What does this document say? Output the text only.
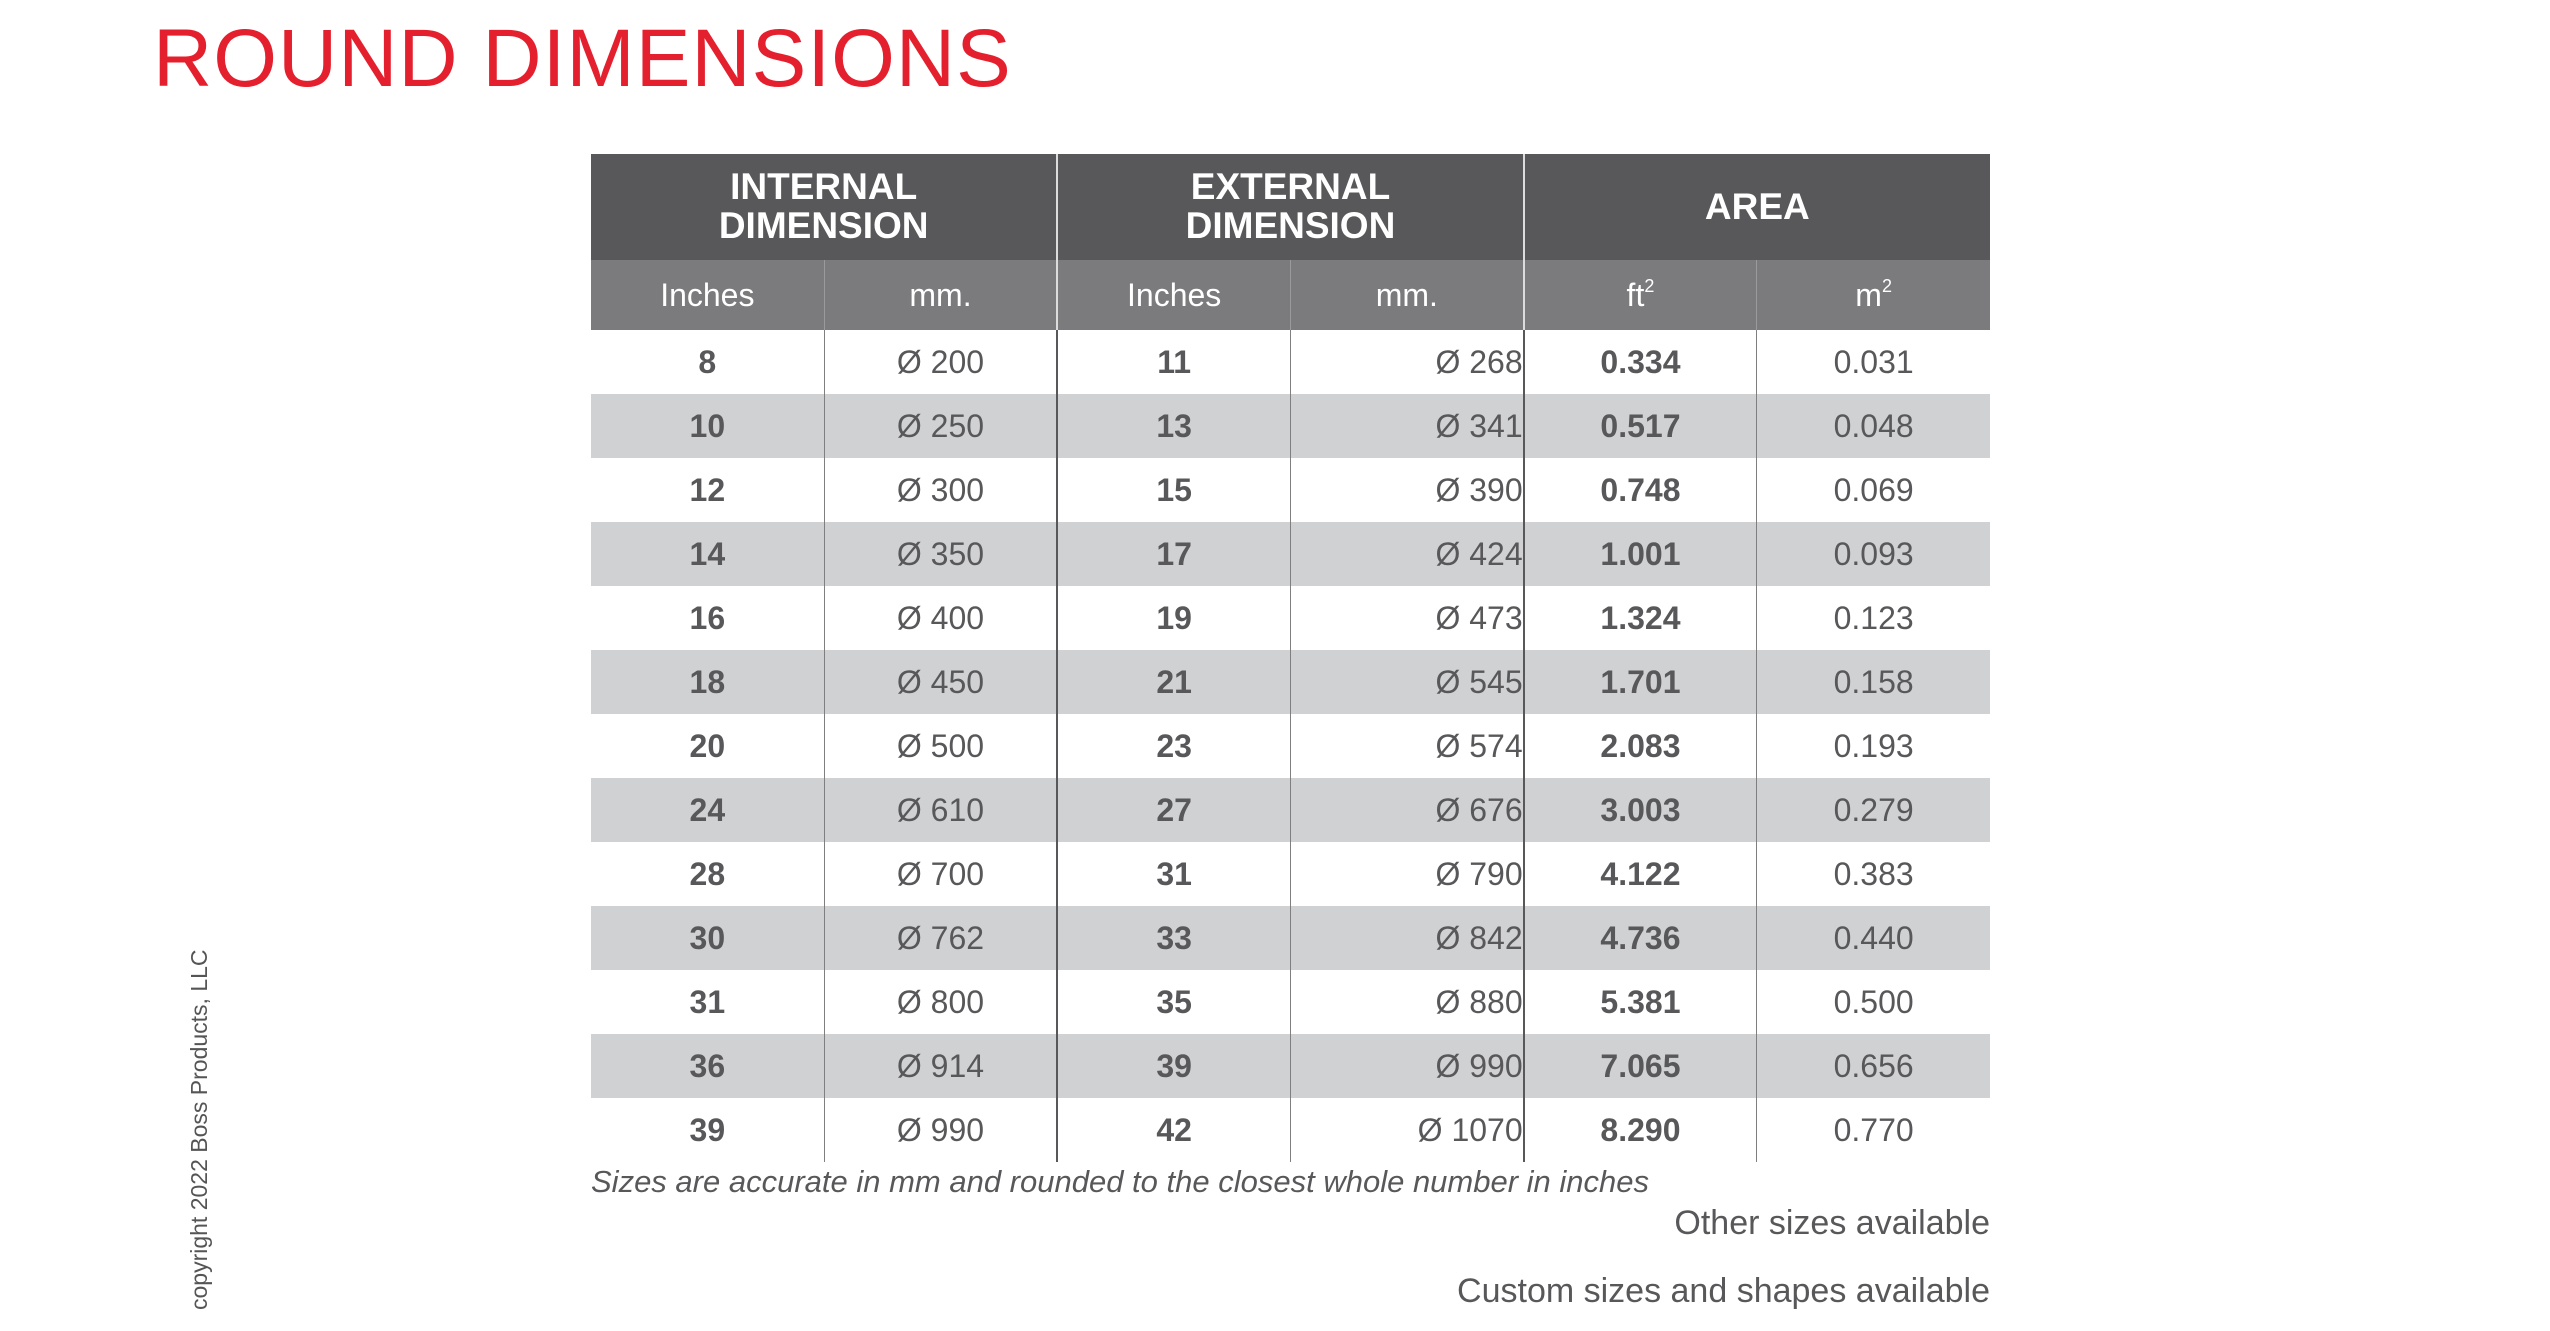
ROUND DIMENSIONS
copyright 2022 Boss Products, LLC
INTERNAL
DIMENSION		EXTERNAL
DIMENSION		AREA	

Inches	mm.	Inches	mm.	$ft^2$	$m^2$
8	Ø 200	11	Ø 268	0.334	0.031
10	Ø 250	13	Ø 341	0.517	0.048
12	Ø 300	15	Ø 390	0.748	0.069
14	Ø 350	17	Ø 424	1.001	0.093
16	Ø 400	19	Ø 473	1.324	0.123
18	Ø 450	21	Ø 545	1.701	0.158
20	Ø 500	23	Ø 574	2.083	0.193
24	Ø 610	27	Ø 676	3.003	0.279
28	Ø 700	31	Ø 790	4.122	0.383
30	Ø 762	33	Ø 842	4.736	0.440
31	Ø 800	35	Ø 880	5.381	0.500
36	Ø 914	39	Ø 990	7.065	0.656
39	Ø 990	42	Ø 1070	8.290	0.770
Sizes are accurate in mm and rounded to the closest whole number in inches
Other sizes available
Custom sizes and shapes available
